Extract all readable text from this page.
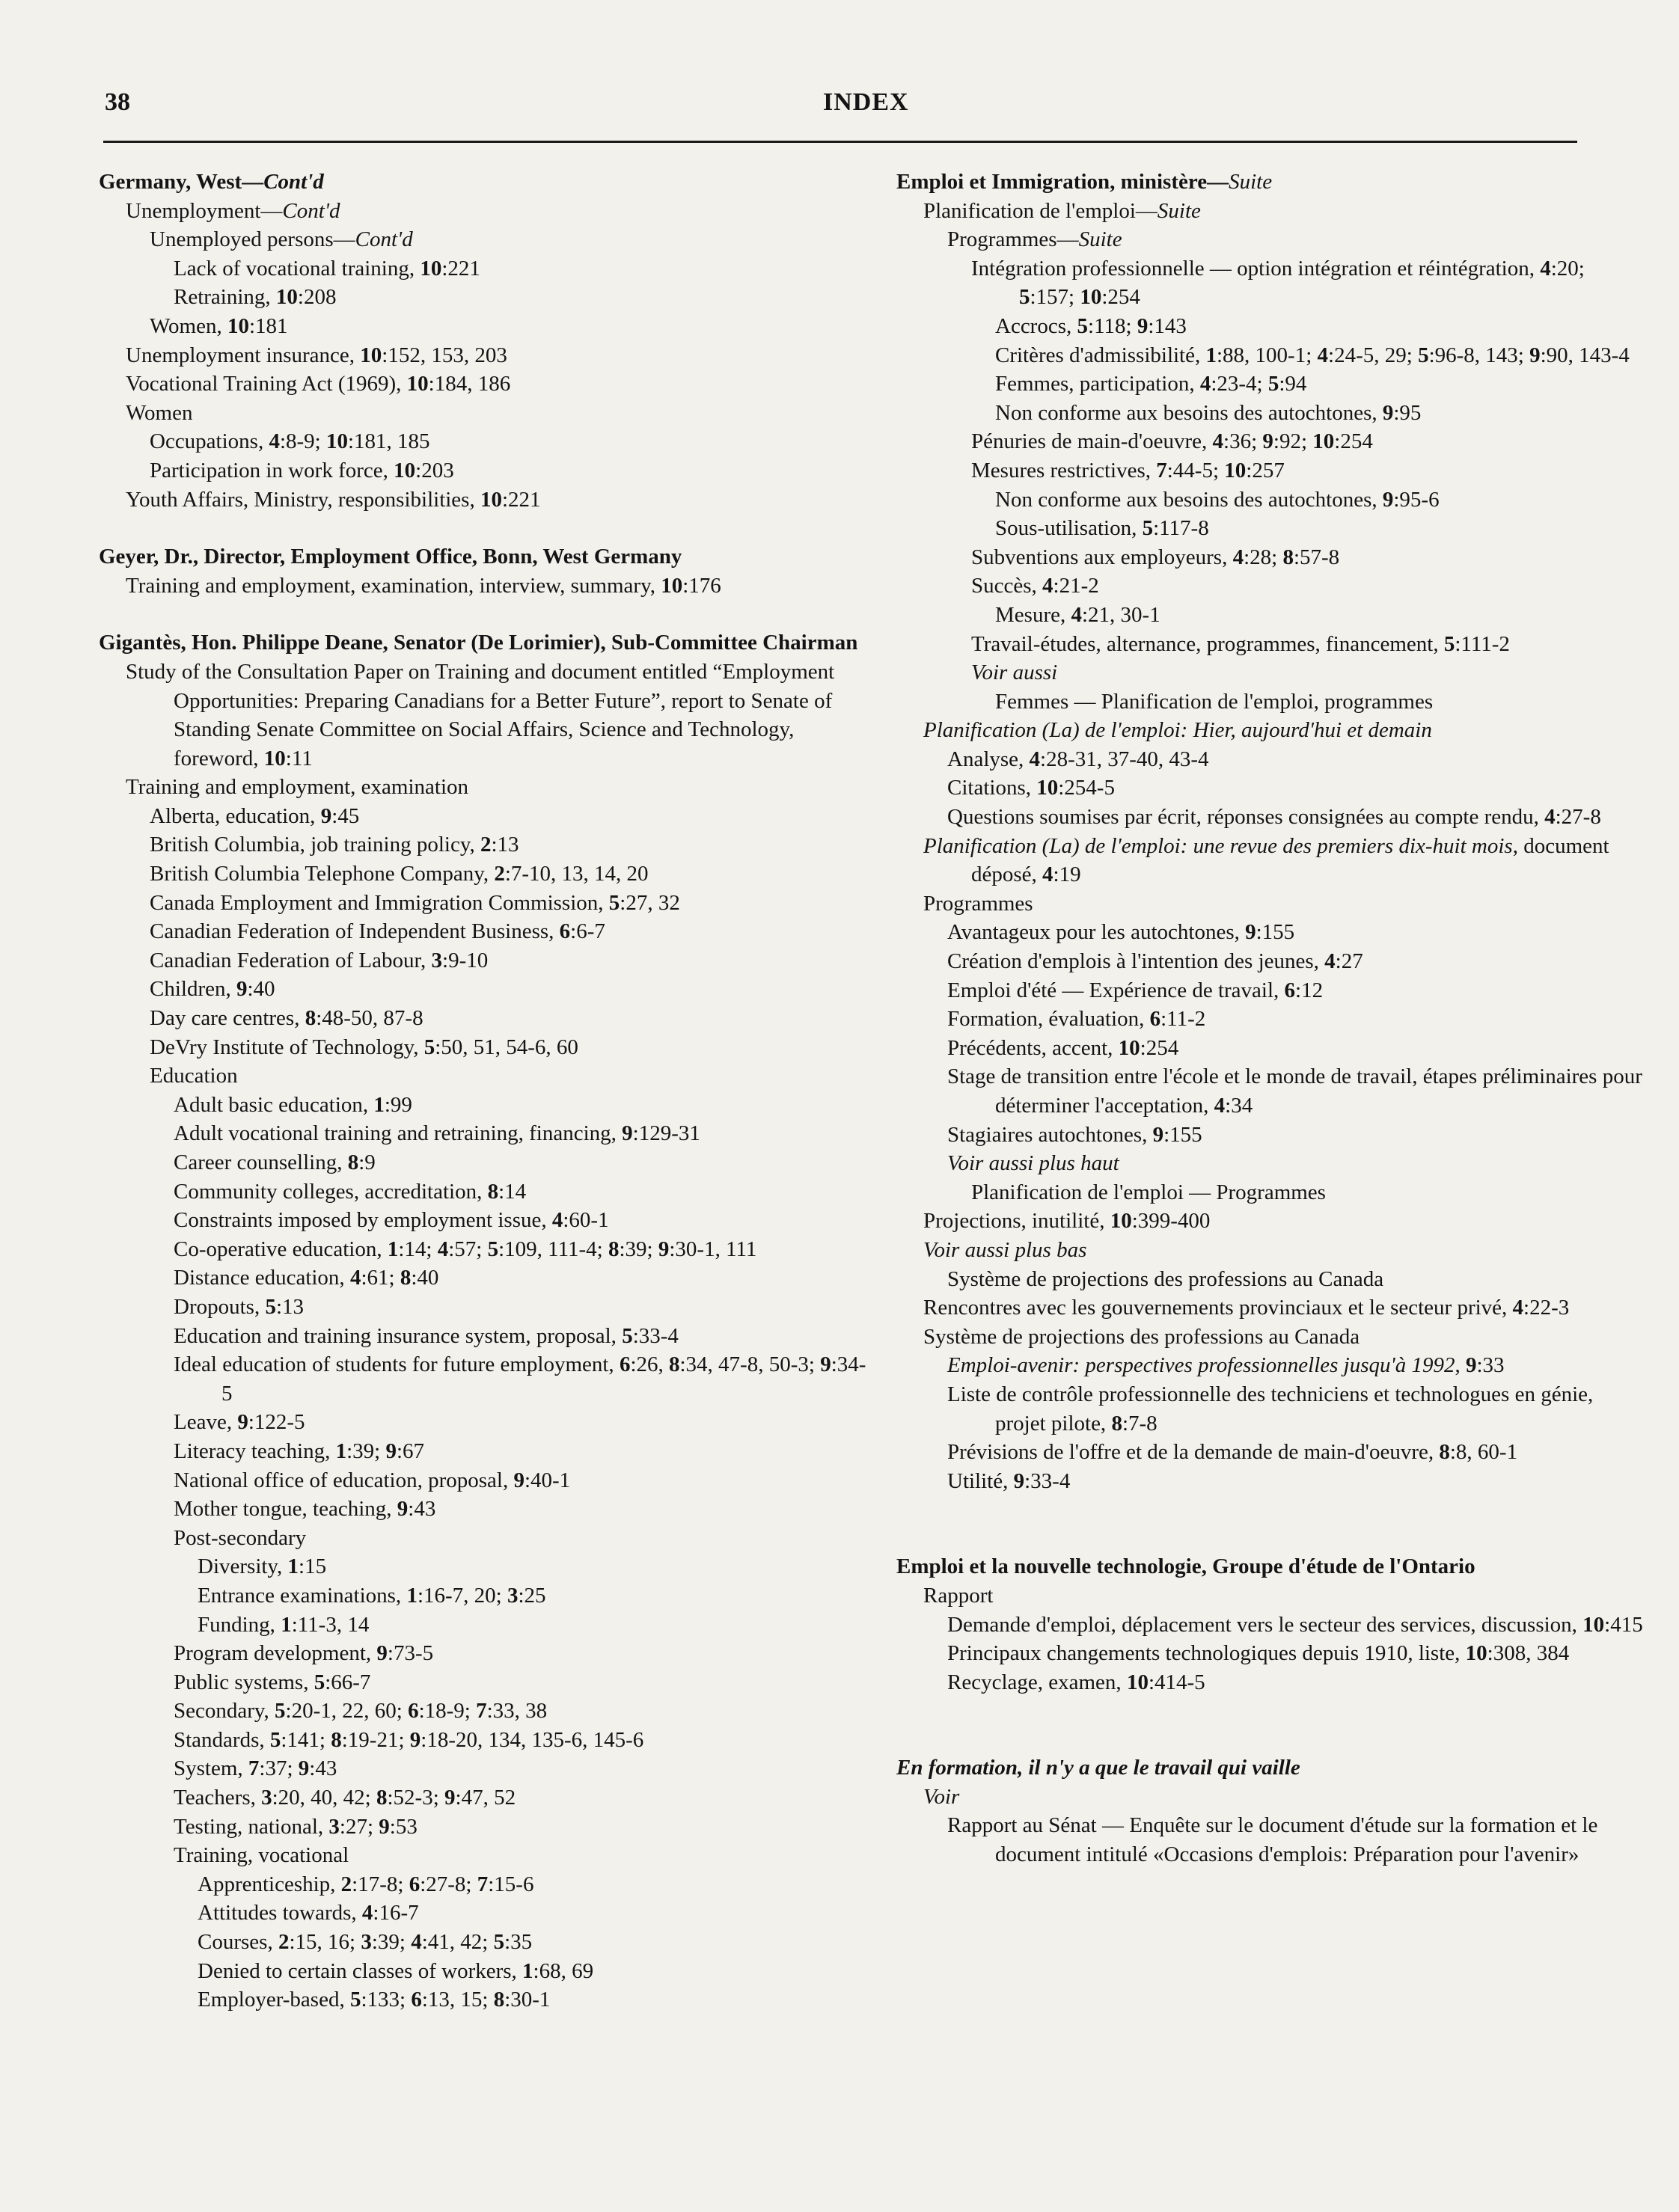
38	INDEX

Germany, West—Cont'd

Unemployment—Cont'd

Unemployed persons—Cont'd

Lack of vocational training, 10:221

Retraining, 10:208

Women, 10:181

Unemployment insurance, 10:152, 153, 203

Vocational Training Act (1969), 10:184, 186

Women

Occupations, 4:8-9; 10:181, 185

Participation in work force, 10:203

Youth Affairs, Ministry, responsibilities, 10:221

Geyer, Dr., Director, Employment Office, Bonn, West Germany

Training and employment, examination, interview, summary, 10:176

Gigantès, Hon. Philippe Deane, Senator (De Lorimier), Sub-Committee Chairman

Study of the Consultation Paper on Training and document entitled “Employment Opportunities: Preparing Canadians for a Better Future”, report to Senate of Standing Senate Committee on Social Affairs, Science and Technology, foreword, 10:11

Training and employment, examination

Alberta, education, 9:45

British Columbia, job training policy, 2:13

British Columbia Telephone Company, 2:7-10, 13, 14, 20

Canada Employment and Immigration Commission, 5:27, 32

Canadian Federation of Independent Business, 6:6-7

Canadian Federation of Labour, 3:9-10

Children, 9:40

Day care centres, 8:48-50, 87-8

DeVry Institute of Technology, 5:50, 51, 54-6, 60

Education

Adult basic education, 1:99

Adult vocational training and retraining, financing, 9:129-31

Career counselling, 8:9

Community colleges, accreditation, 8:14

Constraints imposed by employment issue, 4:60-1

Co-operative education, 1:14; 4:57; 5:109, 111-4; 8:39; 9:30-1, 111

Distance education, 4:61; 8:40

Dropouts, 5:13

Education and training insurance system, proposal, 5:33-4

Ideal education of students for future employment, 6:26, 8:34, 47-8, 50-3; 9:34-5

Leave, 9:122-5

Literacy teaching, 1:39; 9:67

National office of education, proposal, 9:40-1

Mother tongue, teaching, 9:43

Post-secondary

Diversity, 1:15

Entrance examinations, 1:16-7, 20; 3:25

Funding, 1:11-3, 14

Program development, 9:73-5

Public systems, 5:66-7

Secondary, 5:20-1, 22, 60; 6:18-9; 7:33, 38

Standards, 5:141; 8:19-21; 9:18-20, 134, 135-6, 145-6

System, 7:37; 9:43

Teachers, 3:20, 40, 42; 8:52-3; 9:47, 52

Testing, national, 3:27; 9:53

Training, vocational

Apprenticeship, 2:17-8; 6:27-8; 7:15-6

Attitudes towards, 4:16-7

Courses, 2:15, 16; 3:39; 4:41, 42; 5:35

Denied to certain classes of workers, 1:68, 69

Employer-based, 5:133; 6:13, 15; 8:30-1

Emploi et Immigration, ministère—Suite

Planification de l'emploi—Suite

Programmes—Suite

Intégration professionnelle — option intégration et réintégration, 4:20; 5:157; 10:254

Accrocs, 5:118; 9:143

Critères d'admissibilité, 1:88, 100-1; 4:24-5, 29; 5:96-8, 143; 9:90, 143-4

Femmes, participation, 4:23-4; 5:94

Non conforme aux besoins des autochtones, 9:95

Pénuries de main-d'oeuvre, 4:36; 9:92; 10:254

Mesures restrictives, 7:44-5; 10:257

Non conforme aux besoins des autochtones, 9:95-6

Sous-utilisation, 5:117-8

Subventions aux employeurs, 4:28; 8:57-8

Succès, 4:21-2

Mesure, 4:21, 30-1

Travail-études, alternance, programmes, financement, 5:111-2

Voir aussi

Femmes — Planification de l'emploi, programmes

Planification (La) de l'emploi: Hier, aujourd'hui et demain

Analyse, 4:28-31, 37-40, 43-4

Citations, 10:254-5

Questions soumises par écrit, réponses consignées au compte rendu, 4:27-8

Planification (La) de l'emploi: une revue des premiers dix-huit mois, document déposé, 4:19

Programmes

Avantageux pour les autochtones, 9:155

Création d'emplois à l'intention des jeunes, 4:27

Emploi d'été — Expérience de travail, 6:12

Formation, évaluation, 6:11-2

Précédents, accent, 10:254

Stage de transition entre l'école et le monde de travail, étapes préliminaires pour déterminer l'acceptation, 4:34

Stagiaires autochtones, 9:155

Voir aussi plus haut

Planification de l'emploi — Programmes

Projections, inutilité, 10:399-400

Voir aussi plus bas

Système de projections des professions au Canada

Rencontres avec les gouvernements provinciaux et le secteur privé, 4:22-3

Système de projections des professions au Canada

Emploi-avenir: perspectives professionnelles jusqu'à 1992, 9:33

Liste de contrôle professionnelle des techniciens et technologues en génie, projet pilote, 8:7-8

Prévisions de l'offre et de la demande de main-d'oeuvre, 8:8, 60-1

Utilité, 9:33-4

Emploi et la nouvelle technologie, Groupe d'étude de l'Ontario

Rapport

Demande d'emploi, déplacement vers le secteur des services, discussion, 10:415

Principaux changements technologiques depuis 1910, liste, 10:308, 384

Recyclage, examen, 10:414-5

En formation, il n'y a que le travail qui vaille

Voir

Rapport au Sénat — Enquête sur le document d'étude sur la formation et le document intitulé «Occasions d'emplois: Préparation pour l'avenir»
